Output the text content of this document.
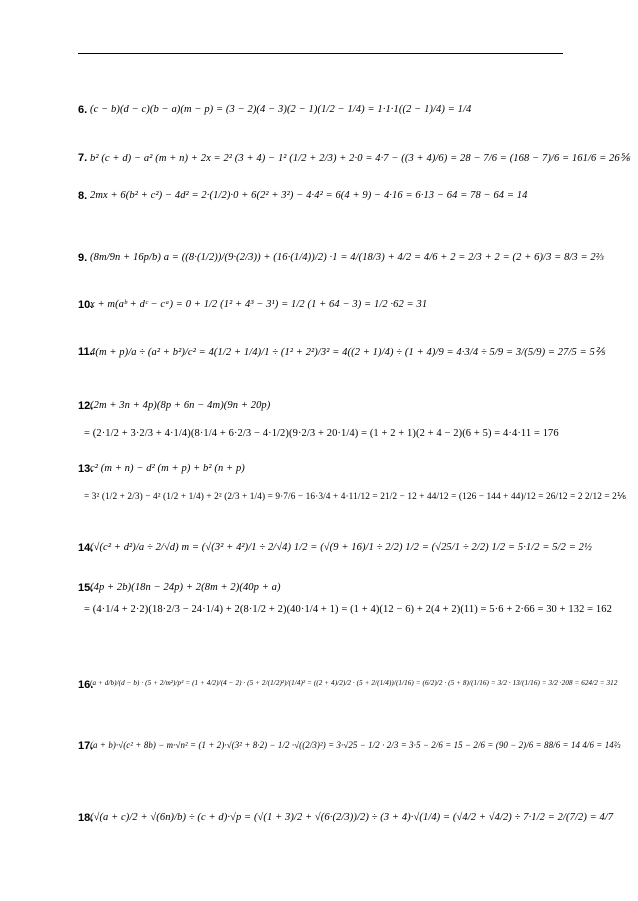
6. (c − b)(d − c)(b − a)(m − p) = (3 − 2)(4 − 3)(2 − 1)(1/2 − 1/4) = 1·1·1((2 − 1)/4) = 1/4
7. b² (c + d) − a² (m + n) + 2x = 2² (3 + 4) − 1² (1/2 + 2/3) + 2·0 = 4·7 − ((3 + 4)/6) = 28 − 7/6 = (168 − 7)/6 = 161/6 = 26⅚
8. 2mx + 6(b² + c²) − 4d² = 2·(1/2)·0 + 6(2² + 3²) − 4·4² = 6(4 + 9) − 4·16 = 6·13 − 64 = 78 − 64 = 14
9. (8m/9n + 16p/b) a = ((8·(1/2))/(9·(2/3)) + (16·(1/4))/2) ·1 = 4/(18/3) + 4/2 = 4/6 + 2 = 2/3 + 2 = (2 + 6)/3 = 8/3 = 2⅔
10.
x + m(aᵇ + dᶜ − cᵃ) = 0 + 1/2 (1² + 4³ − 3¹) = 1/2 (1 + 64 − 3) = 1/2 ·62 = 31
11.
4(m + p)/a ÷ (a² + b²)/c² = 4(1/2 + 1/4)/1 ÷ (1² + 2²)/3² = 4((2 + 1)/4) ÷ (1 + 4)/9 = 4·3/4 ÷ 5/9 = 3/(5/9) = 27/5 = 5⅖
12.
(2m + 3n + 4p)(8p + 6n − 4m)(9n + 20p)
= (2·1/2 + 3·2/3 + 4·1/4)(8·1/4 + 6·2/3 − 4·1/2)(9·2/3 + 20·1/4) = (1 + 2 + 1)(2 + 4 − 2)(6 + 5) = 4·4·11 = 176
13.
c² (m + n) − d² (m + p) + b² (n + p)
= 3² (1/2 + 2/3) − 4² (1/2 + 1/4) + 2² (2/3 + 1/4) = 9·7/6 − 16·3/4 + 4·11/12 = 21/2 − 12 + 44/12 = (126 − 144 + 44)/12 = 26/12 = 2 2/12 = 2⅙
14.
(√(c² + d²)/a ÷ 2/√d) m = (√(3² + 4²)/1 ÷ 2/√4) 1/2 = (√(9 + 16)/1 ÷ 2/2) 1/2 = (√25/1 ÷ 2/2) 1/2 = 5·1/2 = 5/2 = 2½
15.
(4p + 2b)(18n − 24p) + 2(8m + 2)(40p + a)
= (4·1/4 + 2·2)(18·2/3 − 24·1/4) + 2(8·1/2 + 2)(40·1/4 + 1) = (1 + 4)(12 − 6) + 2(4 + 2)(11) = 5·6 + 2·66 = 30 + 132 = 162
16.
(a + d/b)/(d − b) · (5 + 2/m²)/p² = (1 + 4/2)/(4 − 2) · (5 + 2/(1/2)²)/(1/4)² = ((2 + 4)/2)/2 · (5 + 2/(1/4))/(1/16) = (6/2)/2 · (5 + 8)/(1/16) = 3/2 · 13/(1/16) = 3/2 ·208 = 624/2 = 312
17.
(a + b)·√(c² + 8b) − m·√n² = (1 + 2)·√(3² + 8·2) − 1/2 ·√((2/3)²) = 3·√25 − 1/2 · 2/3 = 3·5 − 2/6 = 15 − 2/6 = (90 − 2)/6 = 88/6 = 14 4/6 = 14⅔
18.
(√(a + c)/2 + √(6n)/b) ÷ (c + d)·√p = (√(1 + 3)/2 + √(6·(2/3))/2) ÷ (3 + 4)·√(1/4) = (√4/2 + √4/2) ÷ 7·1/2 = 2/(7/2) = 4/7
